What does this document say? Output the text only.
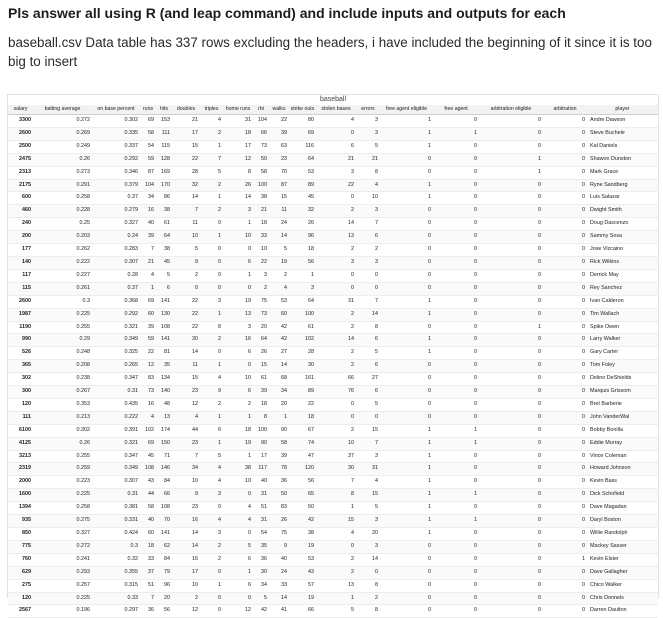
Pls answer all using R (and leap command) and include inputs and outputs for each

baseball.csv Data table has 337 rows excluding the headers, i have included the beginning of it since it is too big to insert

baseball
salary	batting average	on base percent	runs	hits	doubles	triples	home runs	rbi	walks	strike outs	stolen bases	errors	free agent eligible	free agent	arbitration eligible	arbitration	player
3300	0.272	0.302	69	153	21	4	31	104	22	80	4	3	1	0	0	0	Andre Dawson
2600	0.269	0.335	58	111	17	2	18	66	39	69	0	3	1	1	0	0	Steve Buchele
2500	0.249	0.337	54	115	15	1	17	73	63	116	6	5	1	0	0	0	Kal Daniels
2475	0.26	0.292	59	128	22	7	12	50	23	64	21	21	0	0	1	0	Shawon Dunston
2313	0.273	0.346	87	169	28	5	8	58	70	53	3	8	0	0	1	0	Mark Grace
2175	0.291	0.379	104	170	32	2	26	100	87	89	22	4	1	0	0	0	Ryne Sandberg
600	0.258	0.37	34	86	14	1	14	38	15	45	0	10	1	0	0	0	Luis Salazar
460	0.228	0.279	16	38	7	2	3	21	11	32	2	3	0	0	0	0	Dwight Smith
240	0.25	0.327	40	61	11	0	1	18	24	26	14	7	0	0	0	0	Doug Dascenzo
200	0.203	0.24	39	64	10	1	10	33	14	96	13	6	0	0	0	0	Sammy Sosa
177	0.262	0.283	7	38	5	0	0	10	5	18	2	2	0	0	0	0	Jose Vizcaino
140	0.222	0.307	21	45	9	0	6	22	19	56	3	3	0	0	0	0	Rick Wilkins
117	0.227	0.28	4	5	2	0	1	3	2	1	0	0	0	0	0	0	Derrick May
115	0.261	0.37	1	6	0	0	0	2	4	3	0	0	0	0	0	0	Rey Sanchez
2600	0.3	0.368	69	141	22	3	19	75	53	64	31	7	1	0	0	0	Ivan Calderon
1987	0.225	0.292	60	130	22	1	13	73	60	100	2	14	1	0	0	0	Tim Wallach
1190	0.255	0.321	39	108	22	8	3	20	42	61	2	8	0	0	1	0	Spike Owen
990	0.29	0.349	59	141	30	2	16	64	42	102	14	6	1	0	0	0	Larry Walker
526	0.248	0.325	22	81	14	0	6	26	27	28	2	5	1	0	0	0	Gary Carter
365	0.208	0.265	12	35	11	1	0	15	14	30	2	6	0	0	0	0	Tom Foley
302	0.238	0.347	83	134	15	4	10	61	68	161	66	27	0	0	0	0	Delino DeShields
300	0.267	0.31	73	140	23	9	6	39	34	89	76	6	0	0	0	0	Marquis Grissom
120	0.353	0.435	16	48	12	2	2	18	20	22	0	5	0	0	0	0	Bret Barberie
111	0.213	0.222	4	13	4	1	1	8	1	18	0	0	0	0	0	0	John VanderWal
6100	0.302	0.391	102	174	44	6	18	100	90	67	2	15	1	1	0	0	Bobby Bonilla
4125	0.26	0.321	69	150	23	1	19	90	58	74	10	7	1	1	0	0	Eddie Murray
3213	0.255	0.347	45	71	7	5	1	17	39	47	37	3	1	0	0	0	Vince Coleman
2319	0.259	0.349	108	146	34	4	38	117	78	120	30	31	1	0	0	0	Howard Johnson
2000	0.223	0.307	43	84	10	4	10	40	36	56	7	4	1	0	0	0	Kevin Bass
1600	0.225	0.31	44	66	9	3	0	31	50	65	8	15	1	1	0	0	Dick Schofield
1394	0.258	0.381	58	108	23	0	4	51	83	50	1	5	1	0	0	0	Dave Magadan
935	0.275	0.331	40	70	16	4	4	31	26	42	15	3	1	1	0	0	Daryl Boston
850	0.327	0.424	60	141	14	3	0	54	75	38	4	20	1	0	0	0	Willie Randolph
775	0.272	0.3	18	62	14	2	5	35	9	19	0	3	0	0	0	0	Mackey Sasser
760	0.241	0.32	33	84	16	2	6	36	40	53	2	14	0	0	0	1	Kevin Elster
629	0.293	0.355	37	79	17	0	1	30	24	43	2	0	0	0	0	0	Dave Gallagher
275	0.257	0.315	51	96	10	1	6	34	33	57	13	8	0	0	0	0	Chico Walker
120	0.225	0.33	7	20	2	0	0	5	14	19	1	2	0	0	0	0	Chris Donnels
2567	0.196	0.297	36	56	12	0	12	42	41	66	5	8	0	0	0	0	Darren Daulton
